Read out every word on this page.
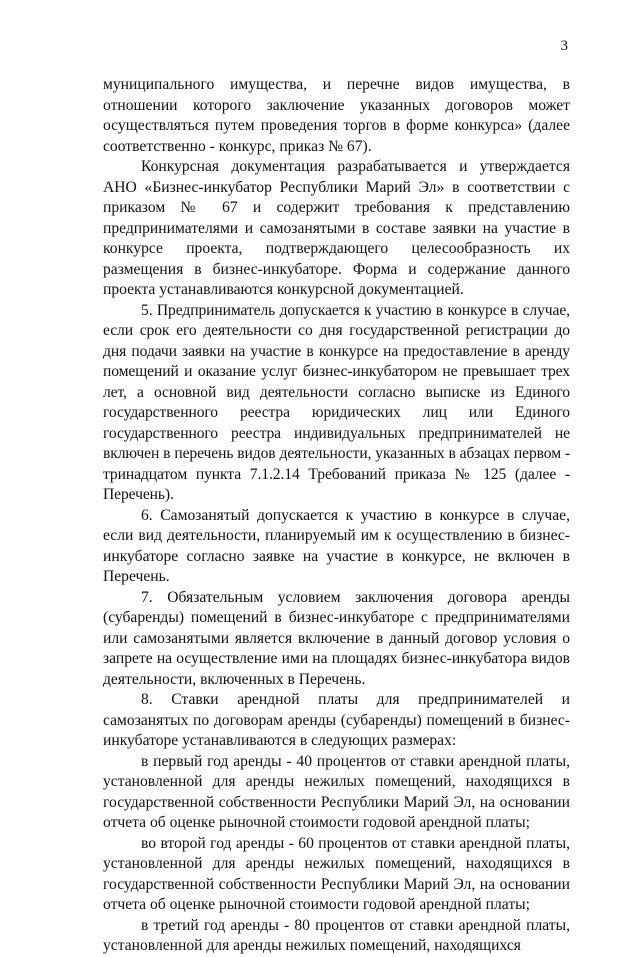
3

муниципального имущества, и перечне видов имущества, в отношении которого заключение указанных договоров может осуществляться путем проведения торгов в форме конкурса» (далее соответственно - конкурс, приказ № 67).

Конкурсная документация разрабатывается и утверждается АНО «Бизнес-инкубатор Республики Марий Эл» в соответствии с приказом № 67 и содержит требования к представлению предпринимателями и самозанятыми в составе заявки на участие в конкурсе проекта, подтверждающего целесообразность их размещения в бизнес-инкубаторе. Форма и содержание данного проекта устанавливаются конкурсной документацией.

5. Предприниматель допускается к участию в конкурсе в случае, если срок его деятельности со дня государственной регистрации до дня подачи заявки на участие в конкурсе на предоставление в аренду помещений и оказание услуг бизнес-инкубатором не превышает трех лет, а основной вид деятельности согласно выписке из Единого государственного реестра юридических лиц или Единого государственного реестра индивидуальных предпринимателей не включен в перечень видов деятельности, указанных в абзацах первом - тринадцатом пункта 7.1.2.14 Требований приказа № 125 (далее - Перечень).

6. Самозанятый допускается к участию в конкурсе в случае, если вид деятельности, планируемый им к осуществлению в бизнес-инкубаторе согласно заявке на участие в конкурсе, не включен в Перечень.

7. Обязательным условием заключения договора аренды (субаренды) помещений в бизнес-инкубаторе с предпринимателями или самозанятыми является включение в данный договор условия о запрете на осуществление ими на площадях бизнес-инкубатора видов деятельности, включенных в Перечень.

8. Ставки арендной платы для предпринимателей и самозанятых по договорам аренды (субаренды) помещений в бизнес-инкубаторе устанавливаются в следующих размерах:

в первый год аренды - 40 процентов от ставки арендной платы, установленной для аренды нежилых помещений, находящихся в государственной собственности Республики Марий Эл, на основании отчета об оценке рыночной стоимости годовой арендной платы;

во второй год аренды - 60 процентов от ставки арендной платы, установленной для аренды нежилых помещений, находящихся в государственной собственности Республики Марий Эл, на основании отчета об оценке рыночной стоимости годовой арендной платы;

в третий год аренды - 80 процентов от ставки арендной платы, установленной для аренды нежилых помещений, находящихся
